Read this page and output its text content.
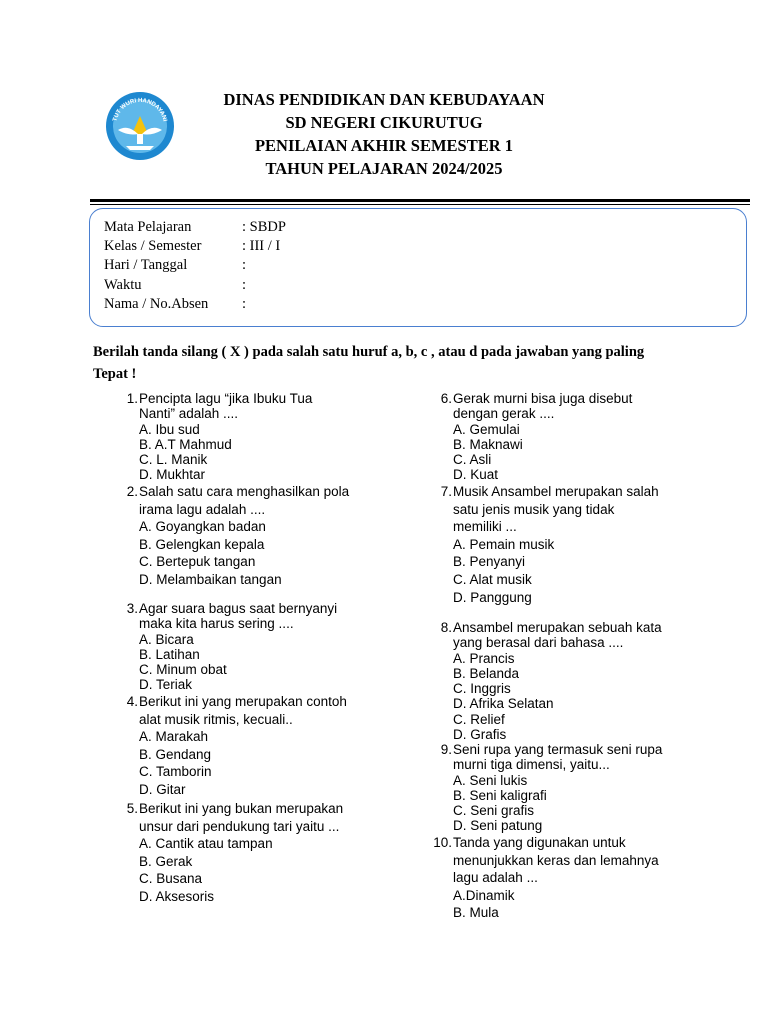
TUT WURI HANDAYANI
DINAS PENDIDIKAN DAN KEBUDAYAAN
SD NEGERI CIKURUTUG
PENILAIAN AKHIR SEMESTER 1
TAHUN PELAJARAN 2024/2025
Mata Pelajaran	: SBDP
Kelas / Semester	: III / I
Hari / Tanggal	:
Waktu	:
Nama / No.Absen :
Berilah tanda silang ( X ) pada salah satu huruf a, b, c , atau d pada jawaban yang paling Tepat !
1. Pencipta lagu “jika Ibuku Tua
Nanti” adalah ....
A. Ibu sud
B. A.T Mahmud
C. L. Manik
D. Mukhtar
2. Salah satu cara menghasilkan pola
irama lagu adalah ....
A. Goyangkan badan
B. Gelengkan kepala
C. Bertepuk tangan
D. Melambaikan tangan
3. Agar suara bagus saat bernyanyi
maka kita harus sering ....
A. Bicara
B. Latihan
C. Minum obat
D. Teriak
4. Berikut ini yang merupakan contoh
alat musik ritmis, kecuali..
A. Marakah
B. Gendang
C. Tamborin
D. Gitar
5. Berikut ini yang bukan merupakan
unsur dari pendukung tari yaitu ...
A. Cantik atau tampan
B. Gerak
C. Busana
D. Aksesoris
6. Gerak murni bisa juga disebut
dengan gerak ....
A. Gemulai
B. Maknawi
C. Asli
D. Kuat
7. Musik Ansambel merupakan salah
satu jenis musik yang tidak
memiliki ...
A. Pemain musik
B. Penyanyi
C. Alat musik
D. Panggung
8. Ansambel merupakan sebuah kata
yang berasal dari bahasa ....
A. Prancis
B. Belanda
C. Inggris
D. Afrika Selatan
C. Relief
D. Grafis
9. Seni rupa yang termasuk seni rupa
murni tiga dimensi, yaitu...
A. Seni lukis
B. Seni kaligrafi
C. Seni grafis
D. Seni patung
10. Tanda yang digunakan untuk
menunjukkan keras dan lemahnya
lagu adalah ...
A.Dinamik
B. Mula
